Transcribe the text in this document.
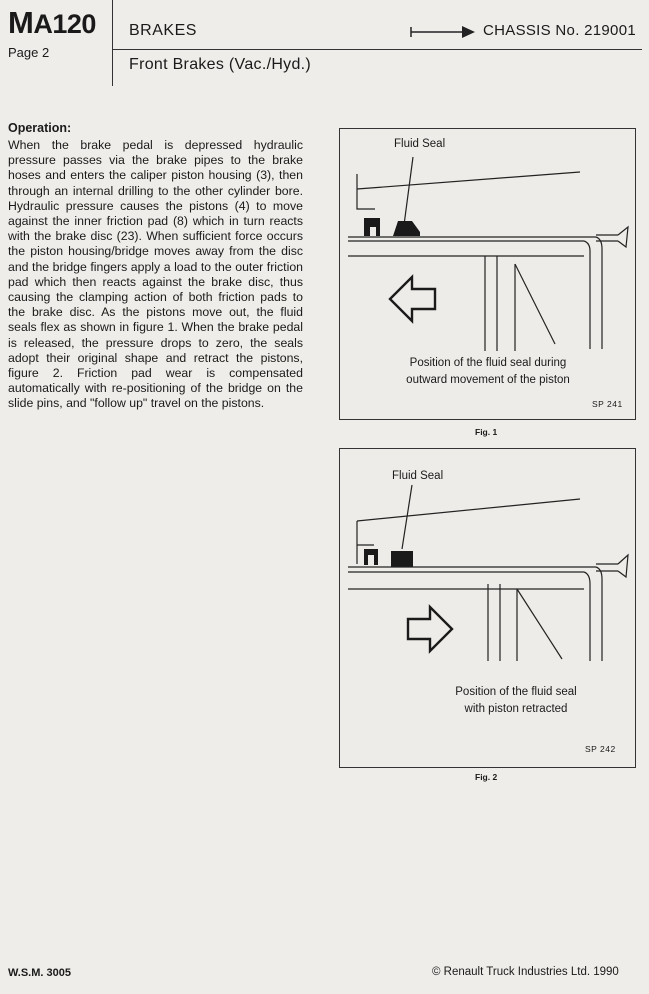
MA120
Page 2
BRAKES
Front Brakes (Vac./Hyd.)
CHASSIS No. 219001
Operation:
When the brake pedal is depressed hydraulic pressure passes via the brake pipes to the brake hoses and enters the caliper piston housing (3), then through an internal drilling to the other cylinder bore. Hydraulic pressure causes the pistons (4) to move against the inner friction pad (8) which in turn reacts with the brake disc (23). When sufficient force occurs the piston housing/bridge moves away from the disc and the bridge fingers apply a load to the outer friction pad which then reacts against the brake disc, thus causing the clamping action of both friction pads to the brake disc. As the pistons move out, the fluid seals flex as shown in figure 1. When the brake pedal is released, the pressure drops to zero, the seals adopt their original shape and retract the pistons, figure 2. Friction pad wear is compensated automatically with re-positioning of the bridge on the slide pins, and "follow up" travel on the pistons.
Fluid Seal
Position of the fluid seal during
outward movement of the piston
SP 241
Fig. 1
Fluid Seal
Position of the fluid seal
with piston retracted
SP 242
Fig. 2
W.S.M. 3005	© Renault Truck Industries Ltd. 1990
